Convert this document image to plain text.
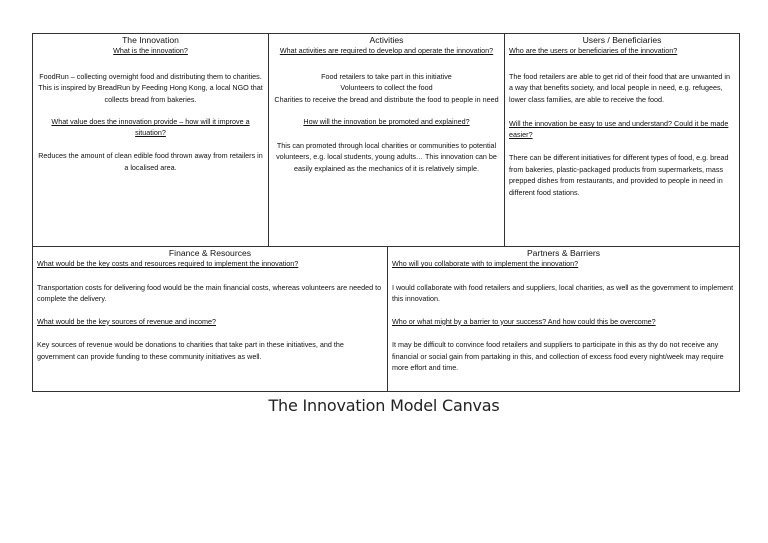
The Innovation

What is the innovation?

FoodRun – collecting overnight food and distributing them to charities. This is inspired by BreadRun by Feeding Hong Kong, a local NGO that collects bread from bakeries.

What value does the innovation provide – how will it improve a situation?

Reduces the amount of clean edible food thrown away from retailers in a localised area.

Activities

What activities are required to develop and operate the innovation?

Food retailers to take part in this initiative

Volunteers to collect the food

Charities to receive the bread and distribute the food to people in need

How will the innovation be promoted and explained?

This can promoted through local charities or communities to potential volunteers, e.g. local students, young adults… This innovation can be easily explained as the mechanics of it is relatively simple.

Users / Beneficiaries

Who are the users or beneficiaries of the innovation?

The food retailers are able to get rid of their food that are unwanted in a way that benefits society, and local people in need, e.g. refugees, lower class families, are able to receive the food.

Will the innovation be easy to use and understand? Could it be made easier?

There can be different initiatives for different types of food, e.g. bread from bakeries, plastic-packaged products from supermarkets, mass prepped dishes from restaurants, and provided to people in need in different food stations.

Finance & Resources

What would be the key costs and resources required to implement the innovation?

Transportation costs for delivering food would be the main financial costs, whereas volunteers are needed to complete the delivery.

What would be the key sources of revenue and income?

Key sources of revenue would be donations to charities that take part in these initiatives, and the government can provide funding to these community initiatives as well.

Partners & Barriers

Who will you collaborate with to implement the innovation?

I would collaborate with food retailers and suppliers, local charities, as well as the government to implement this innovation.

Who or what might by a barrier to your success? And how could this be overcome?

It may be difficult to convince food retailers and suppliers to participate in this as thy do not receive any financial or social gain from partaking in this, and collection of excess food every night/week may require more effort and time.

The Innovation Model Canvas
